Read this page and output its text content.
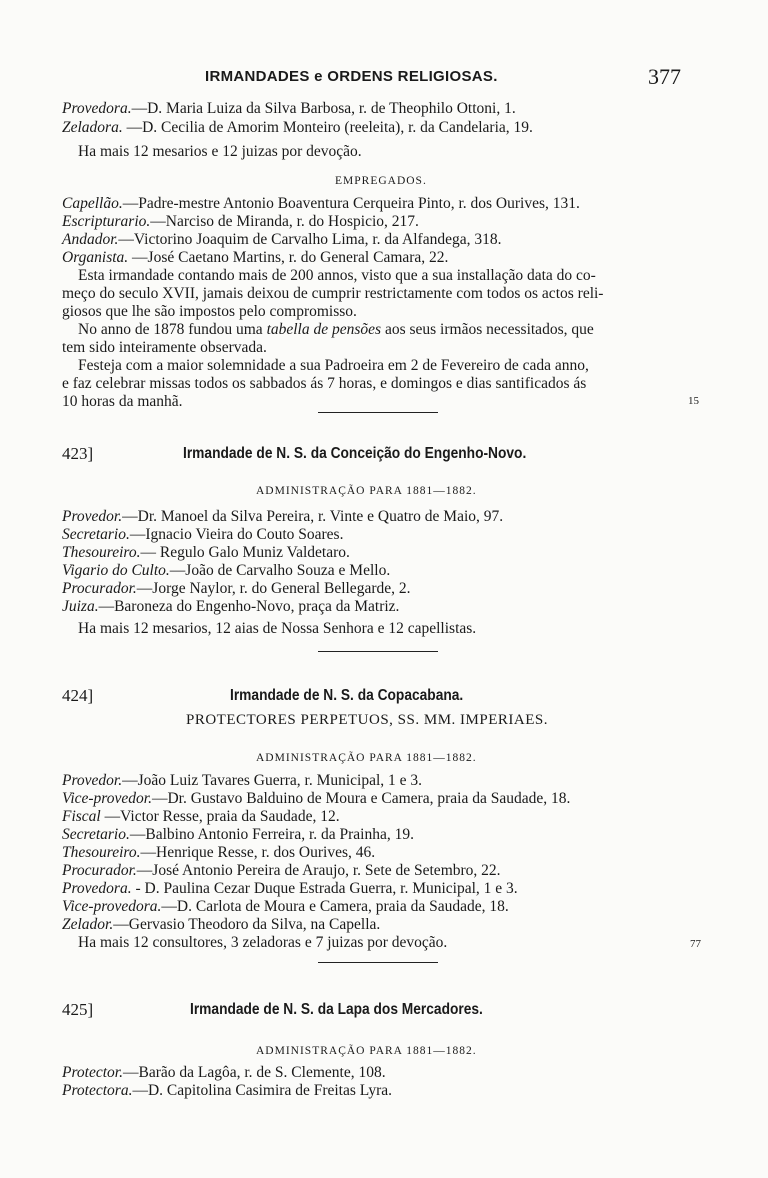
IRMANDADES e ORDENS RELIGIOSAS.	377
Provedora.—D. Maria Luiza da Silva Barbosa, r. de Theophilo Ottoni, 1.
Zeladora. —D. Cecilia de Amorim Monteiro (reeleita), r. da Candelaria, 19.
Ha mais 12 mesarios e 12 juizas por devoção.
EMPREGADOS.
Capellão.—Padre-mestre Antonio Boaventura Cerqueira Pinto, r. dos Ourives, 131.
Escripturario.—Narciso de Miranda, r. do Hospicio, 217.
Andador.—Victorino Joaquim de Carvalho Lima, r. da Alfandega, 318.
Organista. —José Caetano Martins, r. do General Camara, 22.
Esta irmandade contando mais de 200 annos, visto que a sua installação data do co-
meço do seculo XVII, jamais deixou de cumprir restrictamente com todos os actos reli-
giosos que lhe são impostos pelo compromisso.
No anno de 1878 fundou uma tabella de pensões aos seus irmãos necessitados, que
tem sido inteiramente observada.
Festeja com a maior solemnidade a sua Padroeira em 2 de Fevereiro de cada anno,
e faz celebrar missas todos os sabbados ás 7 horas, e domingos e dias santificados ás
10 horas da manhã.	15
423]	Irmandade de N. S. da Conceição do Engenho-Novo.
ADMINISTRAÇÃO PARA 1881—1882.
Provedor.—Dr. Manoel da Silva Pereira, r. Vinte e Quatro de Maio, 97.
Secretario.—Ignacio Vieira do Couto Soares.
Thesoureiro.— Regulo Galo Muniz Valdetaro.
Vigario do Culto.—João de Carvalho Souza e Mello.
Procurador.—Jorge Naylor, r. do General Bellegarde, 2.
Juiza.—Baroneza do Engenho-Novo, praça da Matriz.
Ha mais 12 mesarios, 12 aias de Nossa Senhora e 12 capellistas.
424]	Irmandade de N. S. da Copacabana.
PROTECTORES PERPETUOS, SS. MM. IMPERIAES.
ADMINISTRAÇÃO PARA 1881—1882.
Provedor.—João Luiz Tavares Guerra, r. Municipal, 1 e 3.
Vice-provedor.—Dr. Gustavo Balduino de Moura e Camera, praia da Saudade, 18.
Fiscal —Victor Resse, praia da Saudade, 12.
Secretario.—Balbino Antonio Ferreira, r. da Prainha, 19.
Thesoureiro.—Henrique Resse, r. dos Ourives, 46.
Procurador.—José Antonio Pereira de Araujo, r. Sete de Setembro, 22.
Provedora. - D. Paulina Cezar Duque Estrada Guerra, r. Municipal, 1 e 3.
Vice-provedora.—D. Carlota de Moura e Camera, praia da Saudade, 18.
Zelador.—Gervasio Theodoro da Silva, na Capella.
Ha mais 12 consultores, 3 zeladoras e 7 juizas por devoção.	77
425]	Irmandade de N. S. da Lapa dos Mercadores.
ADMINISTRAÇÃO PARA 1881—1882.
Protector.—Barão da Lagôa, r. de S. Clemente, 108.
Protectora.—D. Capitolina Casimira de Freitas Lyra.
